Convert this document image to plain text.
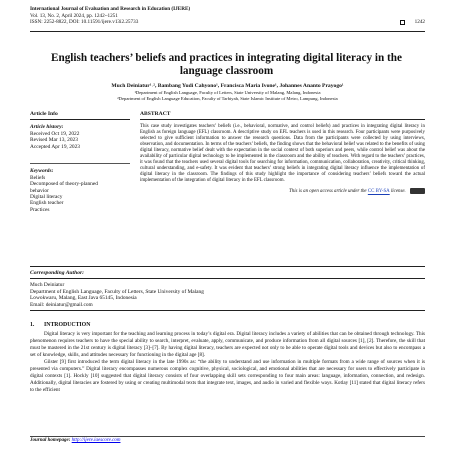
International Journal of Evaluation and Research in Education (IJERE)
Vol. 13, No. 2, April 2024, pp. 1242~1251
ISSN: 2252-8822, DOI: 10.11591/ijere.v13i2.25733	1242
English teachers’ beliefs and practices in integrating digital literacy in the language classroom
Much Deiniatur¹˒², Bambang Yudi Cahyono¹, Francisca Maria Ivone¹, Johannes Ananto Prayogo¹
¹Department of English Language, Faculty of Letters, State University of Malang, Malang, Indonesia
²Department of English Language Education, Faculty of Tarbiyah, State Islamic Institute of Metro, Lampung, Indonesia
Article Info
Article history:
Received Oct 19, 2022
Revised Mar 13, 2023
Accepted Apr 19, 2023
Keywords:
Beliefs
Decomposed of theory-planned
behavior
Digital literacy
English teacher
Practices
ABSTRACT

This case study investigates teachers’ beliefs (i.e., behavioral, normative, and control beliefs) and practices in integrating digital literacy in English as foreign language (EFL) classroom. A descriptive study on EFL teachers is used in this research. Four participants were purposively selected to give sufficient information to answer the research questions. Data from the participants were collected by using interviews, observation, and documentation. In terms of the teachers’ beliefs, the finding shows that the behavioral belief was related to the benefits of using digital literacy, normative belief dealt with the expectation in the social context of both superiors and peers, while control belief was about the availability of particular digital technology to be implemented in the classroom and the ability of teachers. With regard to the teachers’ practices, it was found that the teachers used several digital tools for searching for information, communication, collaboration, creativity, critical thinking, cultural understanding, and e-safety. It was evident that teachers’ strong beliefs in integrating digital literacy influence the implementation of digital literacy in the classroom. The findings of this study highlight the importance of considering teachers’ beliefs toward the actual implementation of the integration of digital literacy in the EFL classroom.

This is an open access article under the CC BY-SA license.
Corresponding Author:
Much Deiniatur
Department of English Language, Faculty of Letters, State University of Malang
Lowokwaru, Malang, East Java 65145, Indonesia
Email: deiniatur@gmail.com
1. INTRODUCTION

Digital literacy is very important for the teaching and learning process in today’s digital era. Digital literacy includes a variety of abilities that can be obtained through technology. This phenomenon requires teachers to have the special ability to search, interpret, evaluate, apply, communicate, and produce information from all digital sources [1], [2]. Therefore, the skill that must be mastered in the 21st century is digital literacy [3]–[7]. By having digital literacy, teachers are expected not only to be able to operate digital tools and devices but also to encompass a set of knowledge, skills, and attitudes necessary for functioning in the digital age [8].

Gilster [9] first introduced the term digital literacy in the late 1990s as: “the ability to understand and use information in multiple formats from a wide range of sources when it is presented via computers.” Digital literacy encompasses numerous complex cognitive, physical, sociological, and emotional abilities that are necessary for users to effectively participate in digital contexts [1]. Hockly [10] suggested that digital literacy consists of four overlapping skill sets corresponding to four main areas: language, information, connection, and redesign. Additionally, digital literacies are fostered by using or creating multimodal texts that integrate text, images, and audio in varied and flexible ways. Kotlay [11] stated that digital literacy refers to the efficient

Journal homepage: http://ijere.iaescore.com
